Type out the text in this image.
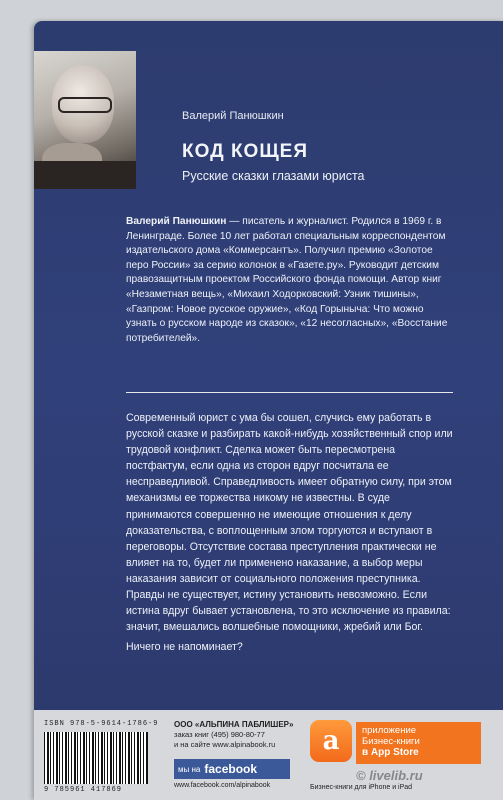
Валерий Панюшкин
КОД КОЩЕЯ
Русские сказки глазами юриста
Валерий Панюшкин — писатель и журналист. Родился в 1969 г. в Ленинграде. Более 10 лет работал специальным корреспондентом издательского дома «Коммерсантъ». Получил премию «Золотое перо России» за серию колонок в «Газете.ру». Руководит детским правозащитным проектом Российского фонда помощи. Автор книг «Незаметная вещь», «Михаил Ходорковский: Узник тишины», «Газпром: Новое русское оружие», «Код Горыныча: Что можно узнать о русском народе из сказок», «12 несогласных», «Восстание потребителей».

Современный юрист с ума бы сошел, случись ему работать в русской сказке и разбирать какой-нибудь хозяйственный спор или трудовой конфликт. Сделка может быть пересмотрена постфактум, если одна из сторон вдруг посчитала ее несправедливой. Справедливость имеет обратную силу, при этом механизмы ее торжества никому не известны. В суде принимаются совершенно не имеющие отношения к делу доказательства, с воплощенным злом торгуются и вступают в переговоры. Отсутствие состава преступления практически не влияет на то, будет ли применено наказание, а выбор меры наказания зависит от социального положения преступника. Правды не существует, истину установить невозможно. Если истина вдруг бывает установлена, то это исключение из правила: значит, вмешались волшебные помощники, жребий или Бог.

Ничего не напоминает?

ISBN 978-5-9614-1786-9
9 785961 417869
ООО «АЛЬПИНА ПАБЛИШЕР»
заказ книг (495) 980-80-77
и на сайте www.alpinabook.ru
мы на facebook
www.facebook.com/alpinabook
a приложение
Бизнес-книги
в App Store
Бизнес-книги для iPhone и iPad
© livelib.ru
